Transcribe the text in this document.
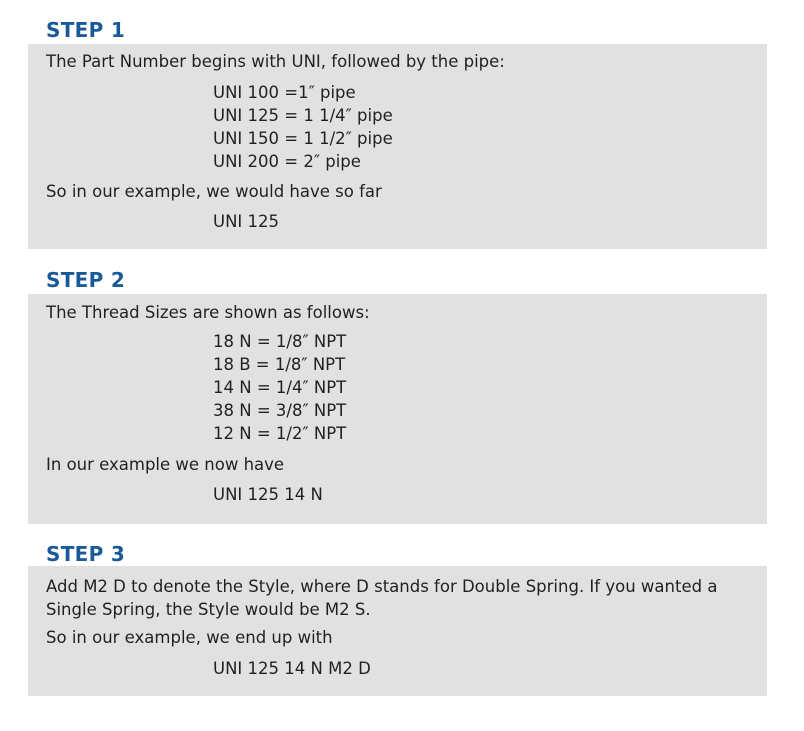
STEP 1
The Part Number begins with UNI, followed by the pipe:
UNI 100 =1″ pipe
UNI 125 = 1 1/4″ pipe
UNI 150 = 1 1/2″ pipe
UNI 200 = 2″ pipe
So in our example, we would have so far
UNI 125
STEP 2
The Thread Sizes are shown as follows:
18 N = 1/8″ NPT
18 B = 1/8″ NPT
14 N = 1/4″ NPT
38 N = 3/8″ NPT
12 N = 1/2″ NPT
In our example we now have
UNI 125 14 N
STEP 3
Add M2 D to denote the Style, where D stands for Double Spring. If you wanted a Single Spring, the Style would be M2 S.
So in our example, we end up with
UNI 125 14 N M2 D
